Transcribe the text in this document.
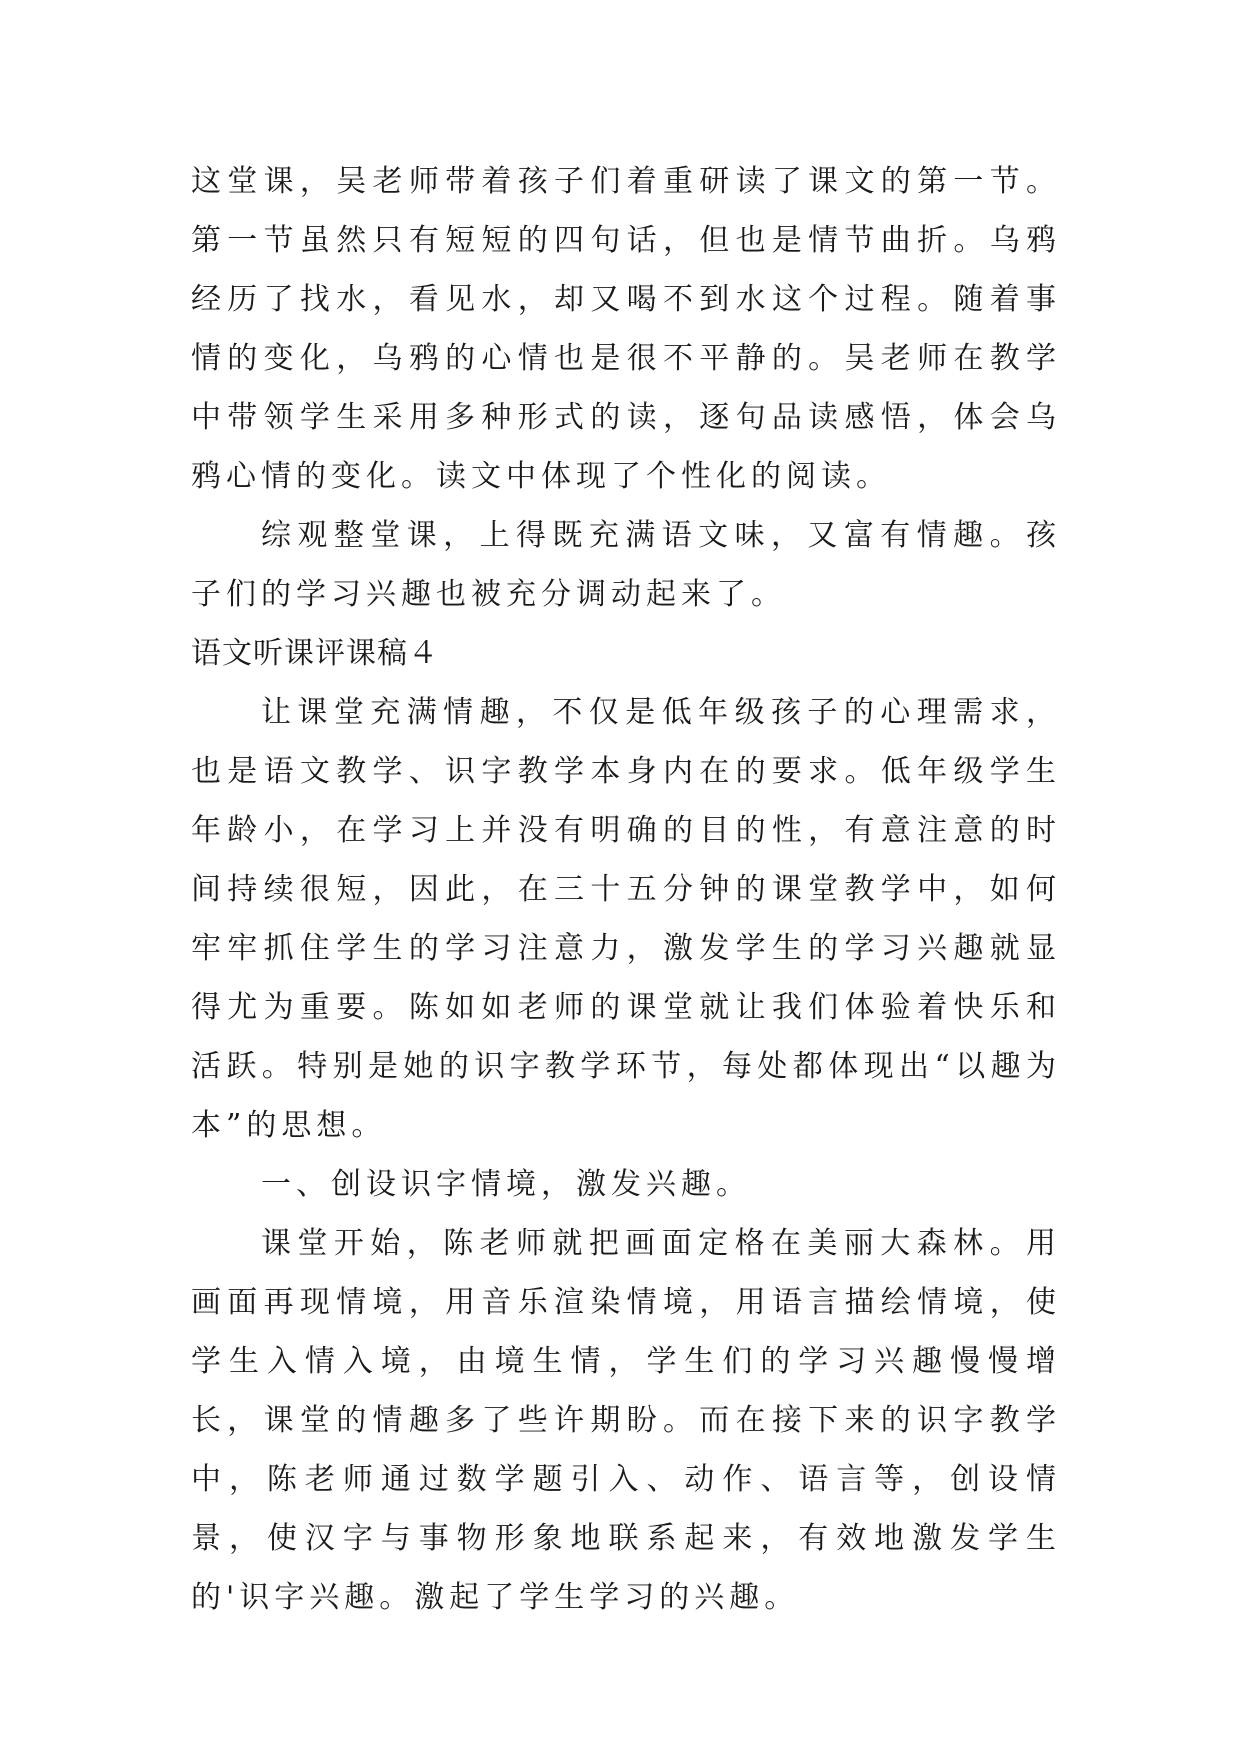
这堂课，吴老师带着孩子们着重研读了课文的第一节。第一节虽然只有短短的四句话，但也是情节曲折。乌鸦经历了找水，看见水，却又喝不到水这个过程。随着事情的变化，乌鸦的心情也是很不平静的。吴老师在教学中带领学生采用多种形式的读，逐句品读感悟，体会乌鸦心情的变化。读文中体现了个性化的阅读。

综观整堂课，上得既充满语文味，又富有情趣。孩子们的学习兴趣也被充分调动起来了。

语文听课评课稿４

让课堂充满情趣，不仅是低年级孩子的心理需求，也是语文教学、识字教学本身内在的要求。低年级学生年龄小，在学习上并没有明确的目的性，有意注意的时间持续很短，因此，在三十五分钟的课堂教学中，如何牢牢抓住学生的学习注意力，激发学生的学习兴趣就显得尤为重要。陈如如老师的课堂就让我们体验着快乐和活跃。特别是她的识字教学环节，每处都体现出“以趣为本”的思想。

一、创设识字情境，激发兴趣。

课堂开始，陈老师就把画面定格在美丽大森林。用画面再现情境，用音乐渲染情境，用语言描绘情境，使学生入情入境，由境生情，学生们的学习兴趣慢慢增长，课堂的情趣多了些许期盼。而在接下来的识字教学中，陈老师通过数学题引入、动作、语言等，创设情景，使汉字与事物形象地联系起来，有效地激发学生的'识字兴趣。激起了学生学习的兴趣。
